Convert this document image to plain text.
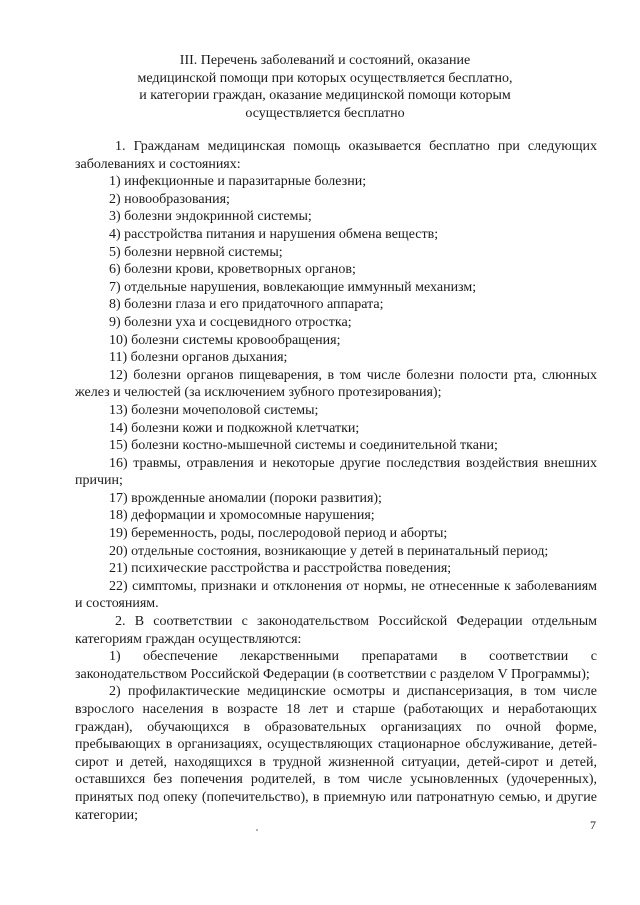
III. Перечень заболеваний и состояний, оказание
медицинской помощи при которых осуществляется бесплатно,
и категории граждан, оказание медицинской помощи которым
осуществляется бесплатно

1. Гражданам медицинская помощь оказывается бесплатно при следующих заболеваниях и состояниях:

1) инфекционные и паразитарные болезни;

2) новообразования;

3) болезни эндокринной системы;

4) расстройства питания и нарушения обмена веществ;

5) болезни нервной системы;

6) болезни крови, кроветворных органов;

7) отдельные нарушения, вовлекающие иммунный механизм;

8) болезни глаза и его придаточного аппарата;

9) болезни уха и сосцевидного отростка;

10) болезни системы кровообращения;

11) болезни органов дыхания;

12) болезни органов пищеварения, в том числе болезни полости рта, слюнных желез и челюстей (за исключением зубного протезирования);

13) болезни мочеполовой системы;

14) болезни кожи и подкожной клетчатки;

15) болезни костно-мышечной системы и соединительной ткани;

16) травмы, отравления и некоторые другие последствия воздействия внешних причин;

17) врожденные аномалии (пороки развития);

18) деформации и хромосомные нарушения;

19) беременность, роды, послеродовой период и аборты;

20) отдельные состояния, возникающие у детей в перинатальный период;

21) психические расстройства и расстройства поведения;

22) симптомы, признаки и отклонения от нормы, не отнесенные к заболеваниям и состояниям.

2. В соответствии с законодательством Российской Федерации отдельным категориям граждан осуществляются:

1) обеспечение лекарственными препаратами в соответствии с законодательством Российской Федерации (в соответствии с разделом V Программы);

2) профилактические медицинские осмотры и диспансеризация, в том числе взрослого населения в возрасте 18 лет и старше (работающих и неработающих граждан), обучающихся в образовательных организациях по очной форме, пребывающих в организациях, осуществляющих стационарное обслуживание, детей-сирот и детей, находящихся в трудной жизненной ситуации, детей-сирот и детей, оставшихся без попечения родителей, в том числе усыновленных (удочеренных), принятых под опеку (попечительство), в приемную или патронатную семью, и другие категории;

7
